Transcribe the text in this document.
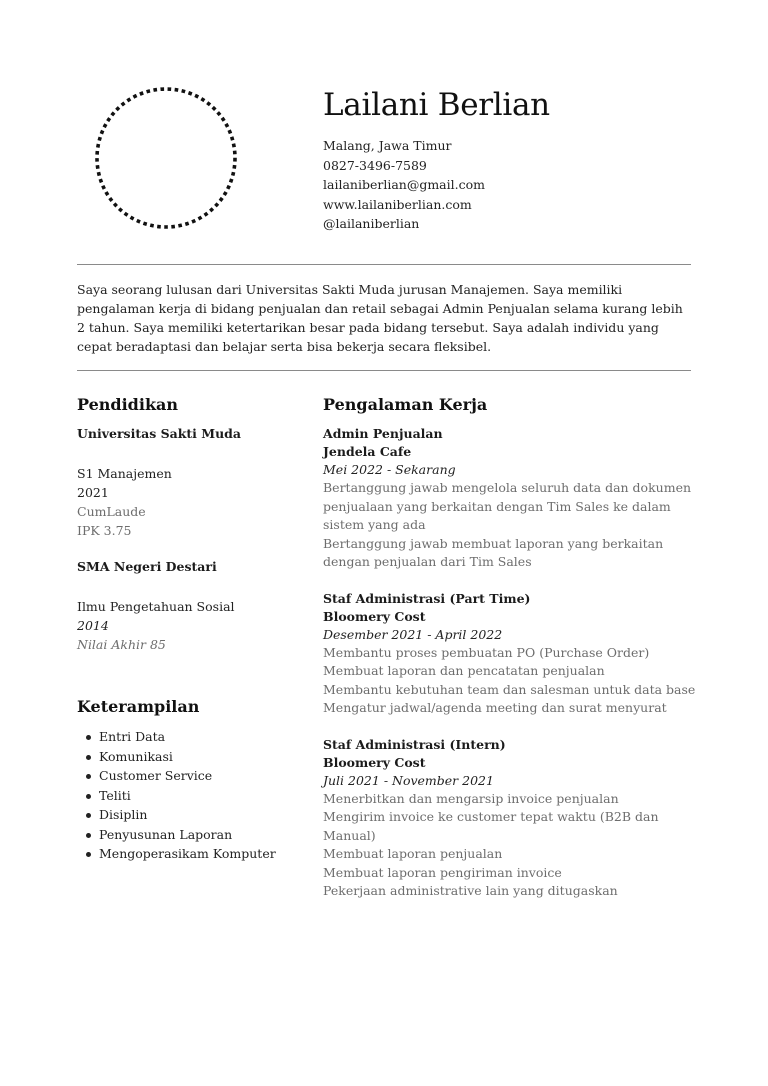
Lailani Berlian
Malang, Jawa Timur
0827-3496-7589
lailaniberlian@gmail.com
www.lailaniberlian.com
@lailaniberlian

Saya seorang lulusan dari Universitas Sakti Muda jurusan Manajemen. Saya memiliki pengalaman kerja di bidang penjualan dan retail sebagai Admin Penjualan selama kurang lebih 2 tahun. Saya memiliki ketertarikan besar pada bidang tersebut. Saya adalah individu yang cepat beradaptasi dan belajar serta bisa bekerja secara fleksibel.

Pendidikan
Universitas Sakti Muda
S1 Manajemen
2021
CumLaude
IPK 3.75
SMA Negeri Destari
Ilmu Pengetahuan Sosial
2014
Nilai Akhir 85
Keterampilan
Entri Data
Komunikasi
Customer Service
Teliti
Disiplin
Penyusunan Laporan
Mengoperasikam Komputer
Pengalaman Kerja
Admin Penjualan
Jendela Cafe
Mei 2022 - Sekarang
Bertanggung jawab mengelola seluruh data dan dokumen penjualaan yang berkaitan dengan Tim Sales ke dalam sistem yang ada
Bertanggung jawab membuat laporan yang berkaitan dengan penjualan dari Tim Sales
Staf Administrasi (Part Time)
Bloomery Cost
Desember 2021 - April 2022
Membantu proses pembuatan PO (Purchase Order)
Membuat laporan dan pencatatan penjualan
Membantu kebutuhan team dan salesman untuk data base
Mengatur jadwal/agenda meeting dan surat menyurat
Staf Administrasi (Intern)
Bloomery Cost
Juli 2021 - November 2021
Menerbitkan dan mengarsip invoice penjualan
Mengirim invoice ke customer tepat waktu (B2B dan Manual)
Membuat laporan penjualan
Membuat laporan pengiriman invoice
Pekerjaan administrative lain yang ditugaskan
